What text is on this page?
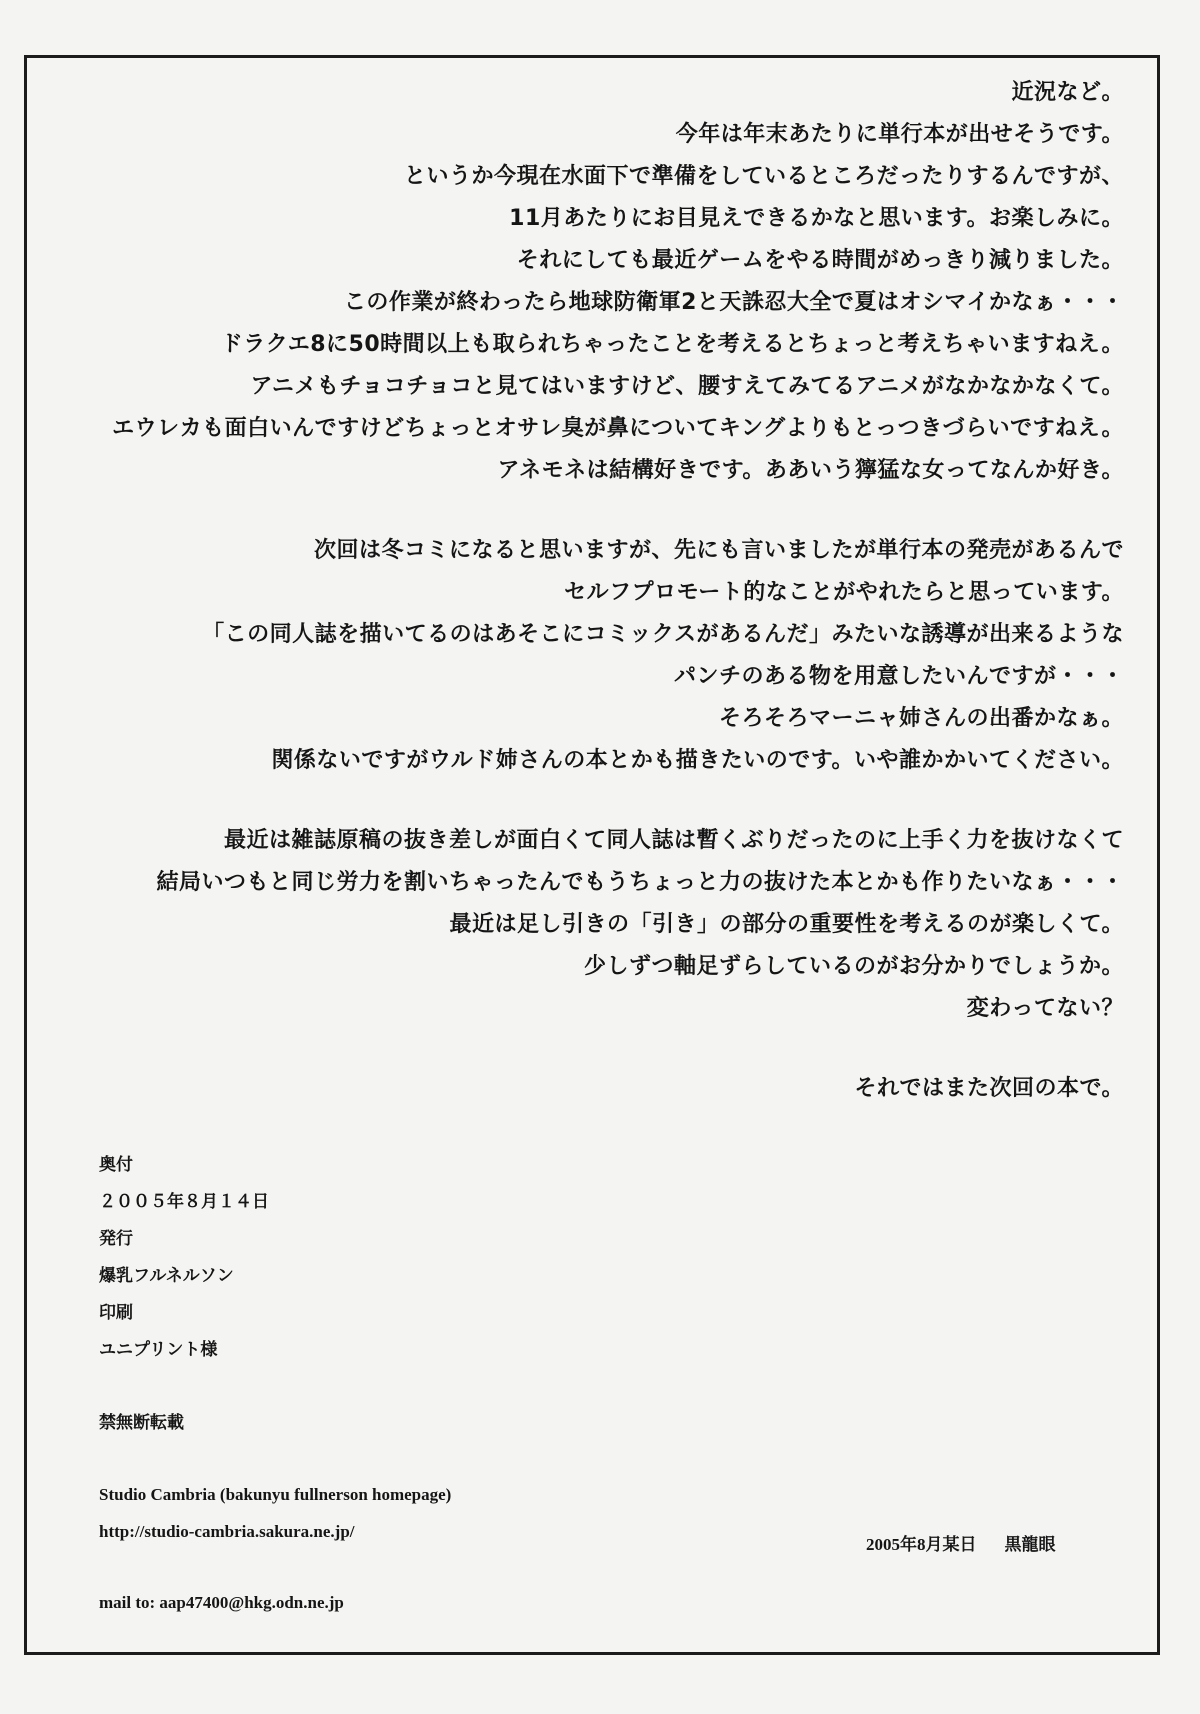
近況など。
今年は年末あたりに単行本が出せそうです。
というか今現在水面下で準備をしているところだったりするんですが、
11月あたりにお目見えできるかなと思います。お楽しみに。
それにしても最近ゲームをやる時間がめっきり減りました。
この作業が終わったら地球防衛軍2と天誅忍大全で夏はオシマイかなぁ・・・
ドラクエ8に50時間以上も取られちゃったことを考えるとちょっと考えちゃいますねえ。
アニメもチョコチョコと見てはいますけど、腰すえてみてるアニメがなかなかなくて。
エウレカも面白いんですけどちょっとオサレ臭が鼻についてキングよりもとっつきづらいですねえ。
アネモネは結構好きです。ああいう獰猛な女ってなんか好き。
次回は冬コミになると思いますが、先にも言いましたが単行本の発売があるんで
セルフプロモート的なことがやれたらと思っています。
「この同人誌を描いてるのはあそこにコミックスがあるんだ」みたいな誘導が出来るような
パンチのある物を用意したいんですが・・・
そろそろマーニャ姉さんの出番かなぁ。
関係ないですがウルド姉さんの本とかも描きたいのです。いや誰かかいてください。
最近は雑誌原稿の抜き差しが面白くて同人誌は暫くぶりだったのに上手く力を抜けなくて
結局いつもと同じ労力を割いちゃったんでもうちょっと力の抜けた本とかも作りたいなぁ・・・
最近は足し引きの「引き」の部分の重要性を考えるのが楽しくて。
少しずつ軸足ずらしているのがお分かりでしょうか。
変わってない？
それではまた次回の本で。
奥付
２００５年８月１４日
発行
爆乳フルネルソン
印刷
ユニプリント様
禁無断転載
Studio Cambria (bakunyu fullnerson homepage)
http://studio-cambria.sakura.ne.jp/
mail to: aap47400@hkg.odn.ne.jp
2005年8月某日 黒龍眼
